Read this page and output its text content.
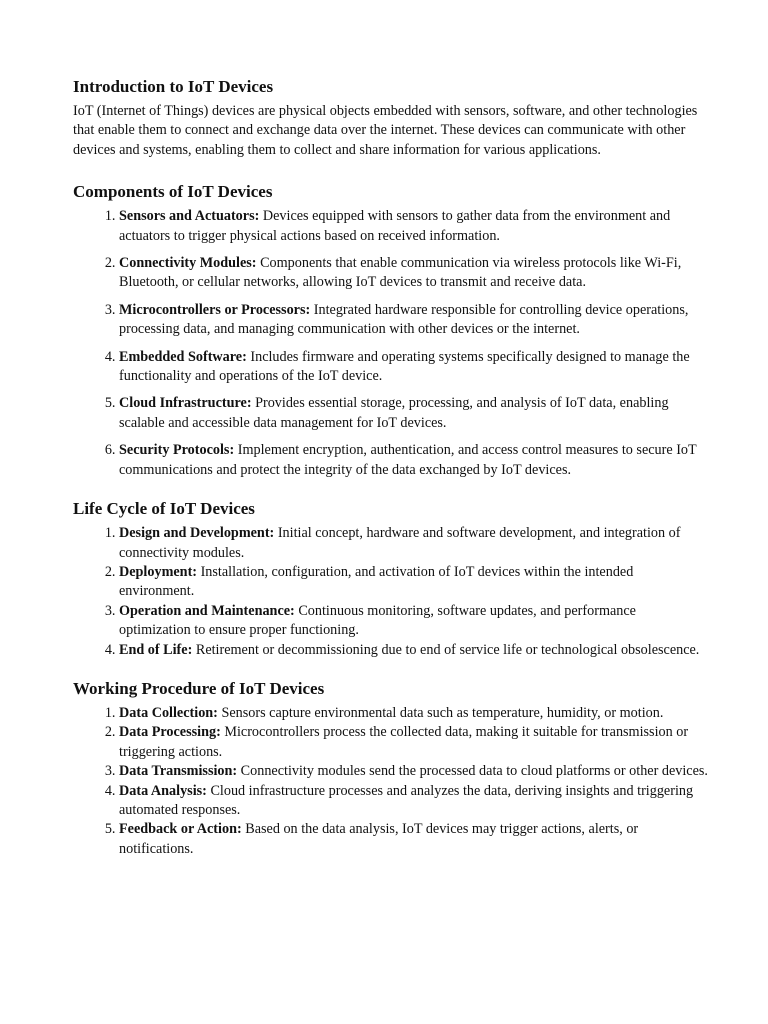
Introduction to IoT Devices

IoT (Internet of Things) devices are physical objects embedded with sensors, software, and other technologies that enable them to connect and exchange data over the internet. These devices can communicate with other devices and systems, enabling them to collect and share information for various applications.

Components of IoT Devices
1. Sensors and Actuators: Devices equipped with sensors to gather data from the environment and actuators to trigger physical actions based on received information.
2. Connectivity Modules: Components that enable communication via wireless protocols like Wi-Fi, Bluetooth, or cellular networks, allowing IoT devices to transmit and receive data.
3. Microcontrollers or Processors: Integrated hardware responsible for controlling device operations, processing data, and managing communication with other devices or the internet.
4. Embedded Software: Includes firmware and operating systems specifically designed to manage the functionality and operations of the IoT device.
5. Cloud Infrastructure: Provides essential storage, processing, and analysis of IoT data, enabling scalable and accessible data management for IoT devices.
6. Security Protocols: Implement encryption, authentication, and access control measures to secure IoT communications and protect the integrity of the data exchanged by IoT devices.
Life Cycle of IoT Devices
1. Design and Development: Initial concept, hardware and software development, and integration of connectivity modules.
2. Deployment: Installation, configuration, and activation of IoT devices within the intended environment.
3. Operation and Maintenance: Continuous monitoring, software updates, and performance optimization to ensure proper functioning.
4. End of Life: Retirement or decommissioning due to end of service life or technological obsolescence.
Working Procedure of IoT Devices
1. Data Collection: Sensors capture environmental data such as temperature, humidity, or motion.
2. Data Processing: Microcontrollers process the collected data, making it suitable for transmission or triggering actions.
3. Data Transmission: Connectivity modules send the processed data to cloud platforms or other devices.
4. Data Analysis: Cloud infrastructure processes and analyzes the data, deriving insights and triggering automated responses.
5. Feedback or Action: Based on the data analysis, IoT devices may trigger actions, alerts, or notifications.
